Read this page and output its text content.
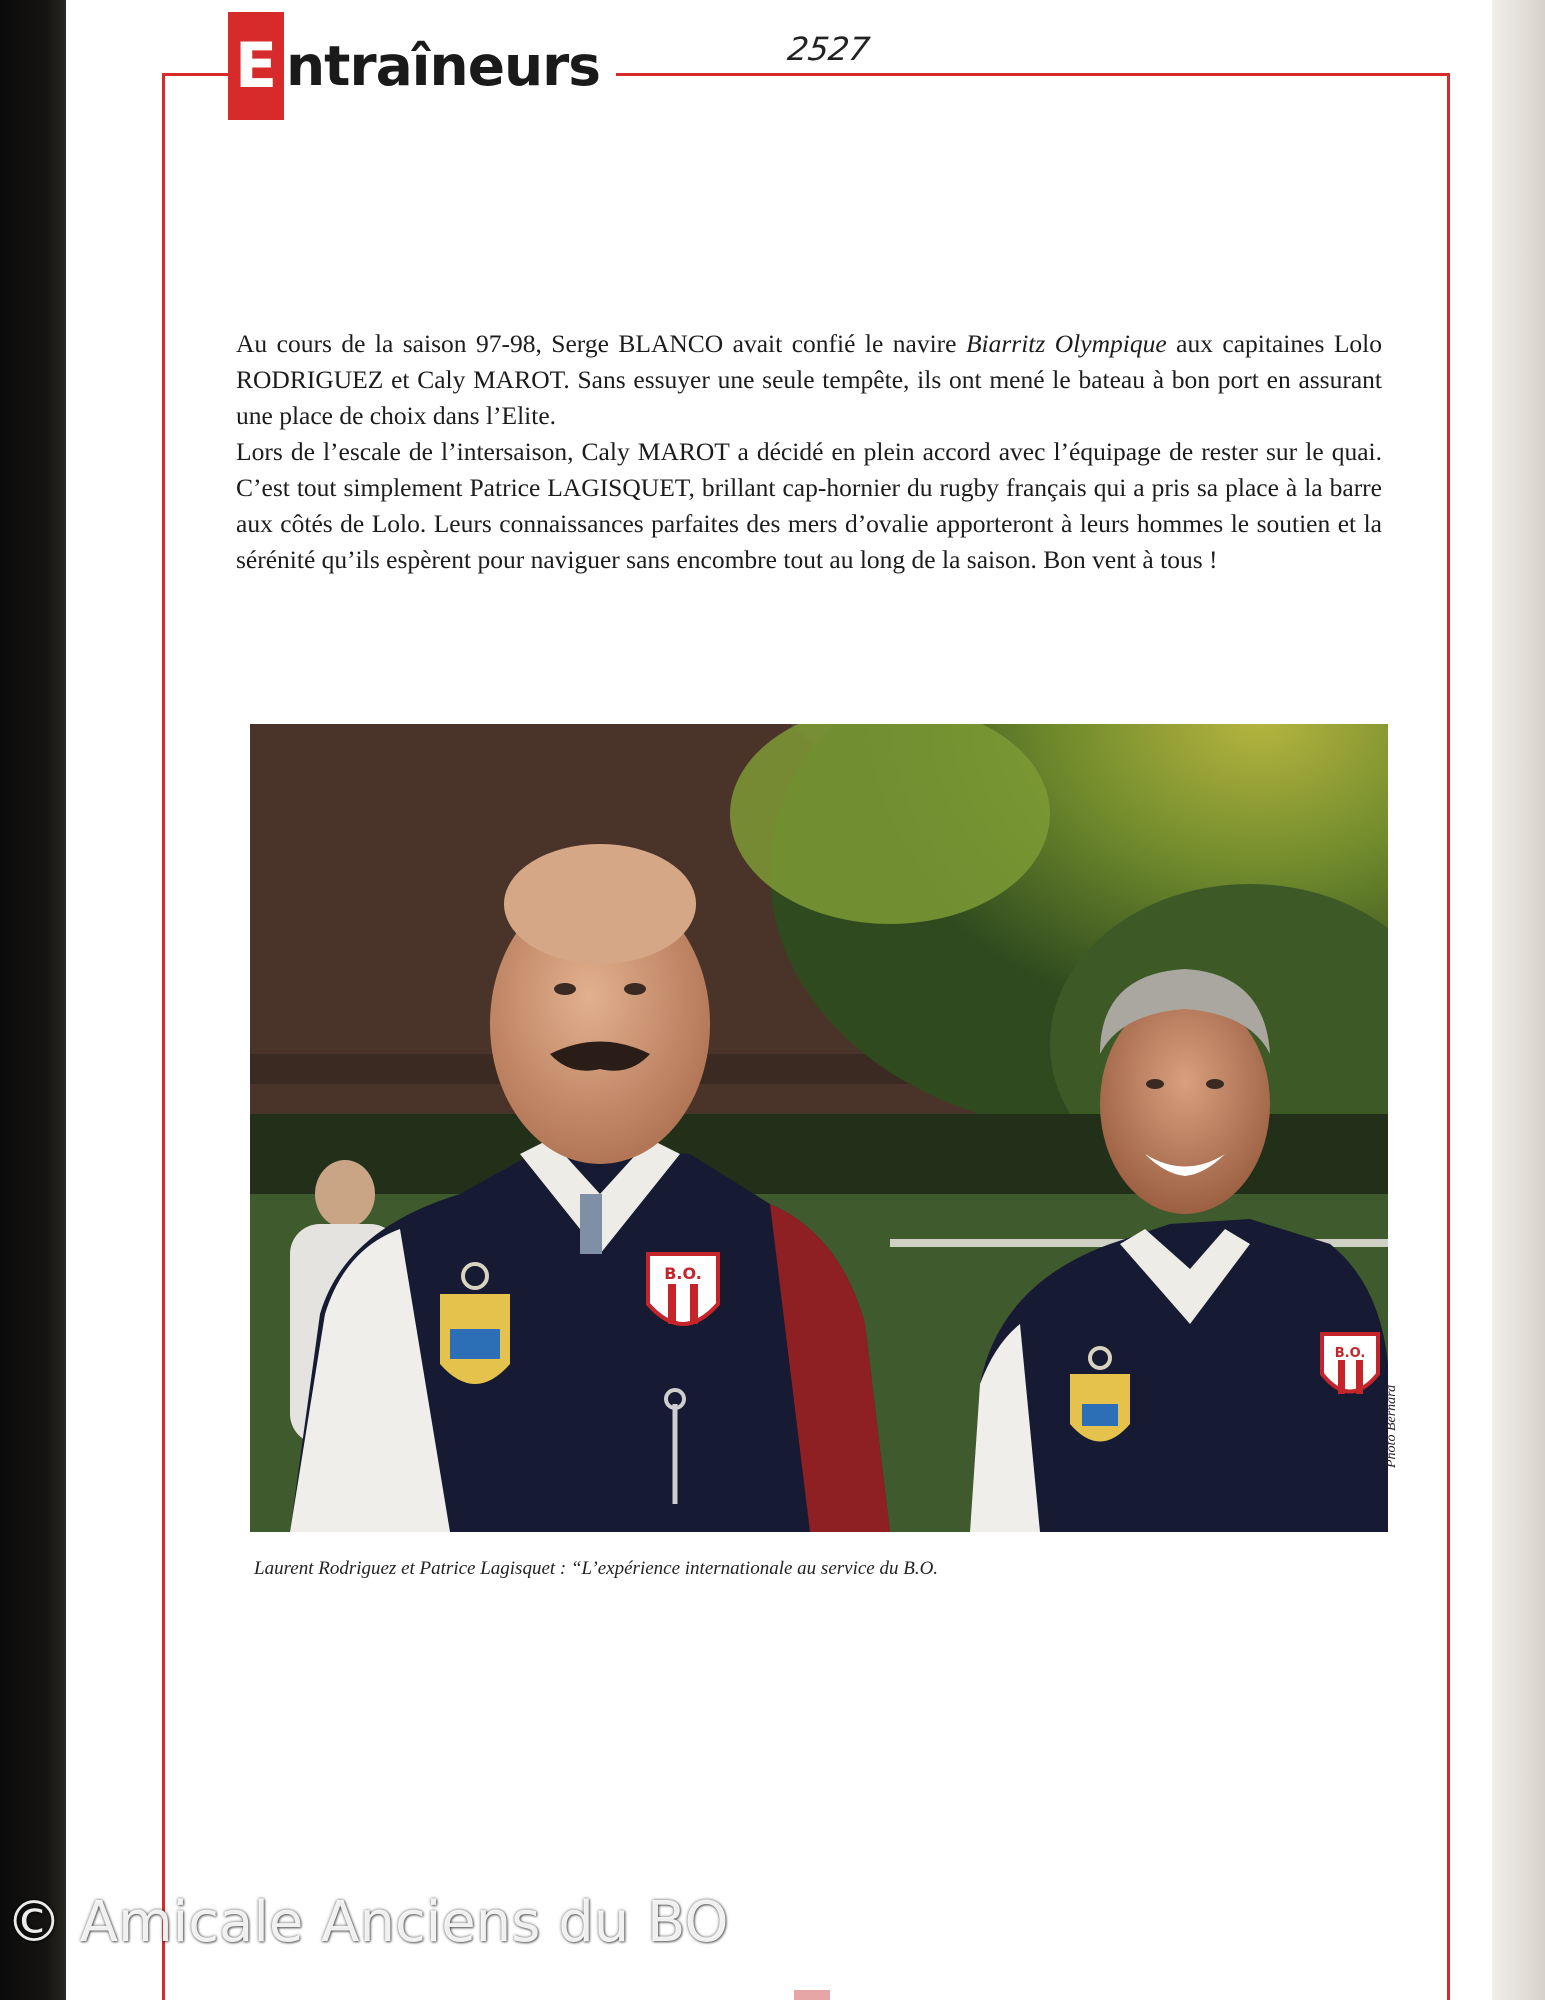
E ntraîneurs	2527

Au cours de la saison 97-98, Serge BLANCO avait confié le navire Biarritz Olympique aux capitaines Lolo RODRIGUEZ et Caly MAROT. Sans essuyer une seule tempête, ils ont mené le bateau à bon port en assurant une place de choix dans l’Elite.

Lors de l’escale de l’intersaison, Caly MAROT a décidé en plein accord avec l’équipage de rester sur le quai. C’est tout simplement Patrice LAGISQUET, brillant cap-hornier du rugby français qui a pris sa place à la barre aux côtés de Lolo. Leurs connaissances parfaites des mers d’ovalie apporteront à leurs hommes le soutien et la sérénité qu’ils espèrent pour naviguer sans encombre tout au long de la saison. Bon vent à tous !

B.O.
B.O.
Photo Bernard
Laurent Rodriguez et Patrice Lagisquet : “L’expérience internationale au service du B.O.
© Amicale Anciens du BO
